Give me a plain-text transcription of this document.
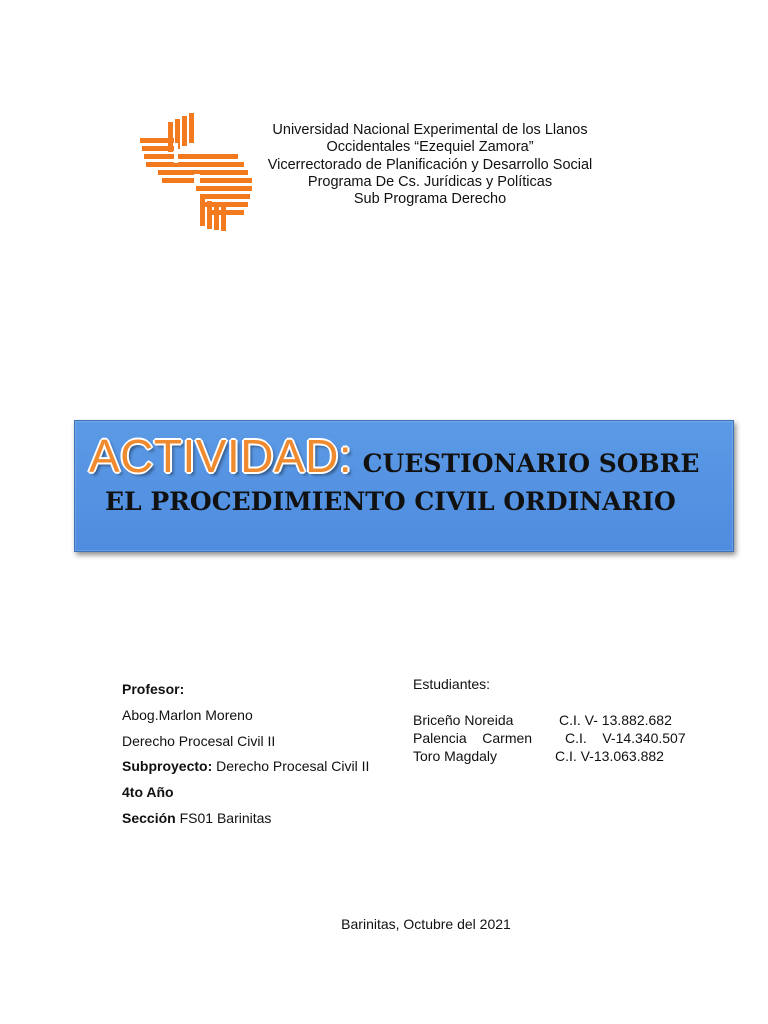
Universidad Nacional Experimental de los Llanos
Occidentales “Ezequiel Zamora”
Vicerrectorado de Planificación y Desarrollo Social
Programa De Cs. Jurídicas y Políticas
Sub Programa Derecho
ACTIVIDAD: CUESTIONARIO SOBRE
EL PROCEDIMIENTO CIVIL ORDINARIO
Profesor:
Abog.Marlon Moreno
Derecho Procesal Civil II
Subproyecto: Derecho Procesal Civil II
4to Año
Sección FS01 Barinitas
Estudiantes:
Briceño Noreida	C.I. V- 13.882.682
Palencia    Carmen C.I.    V-14.340.507
Toro Magdaly	C.I. V-13.063.882
Barinitas, Octubre del 2021
